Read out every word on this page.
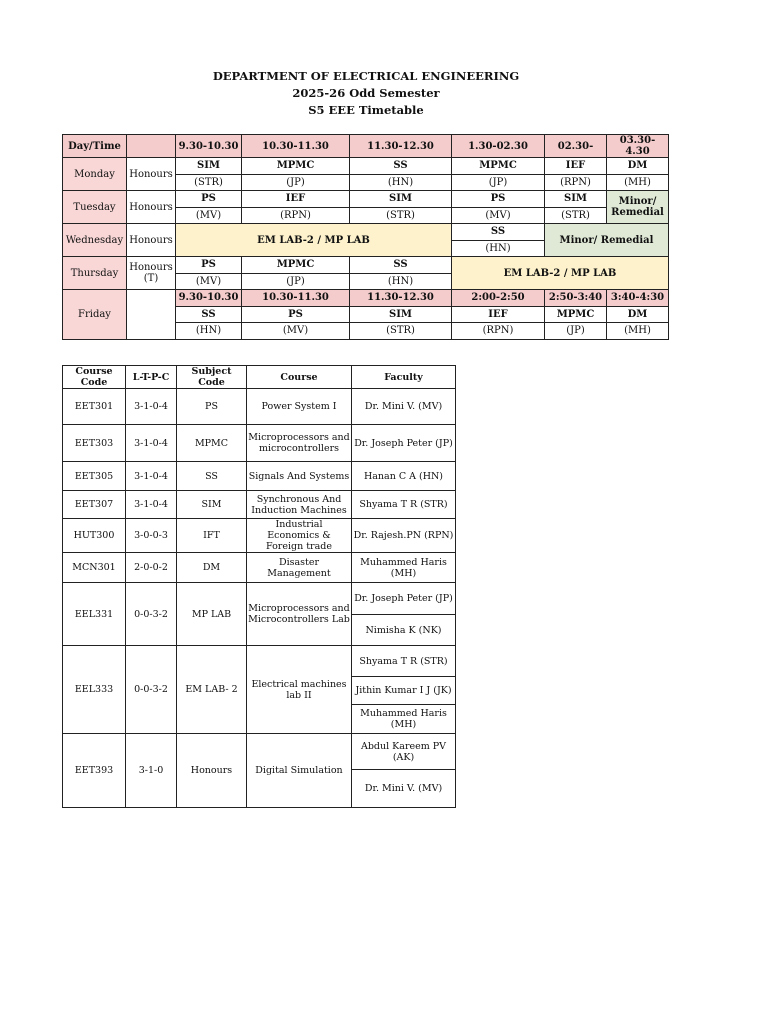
DEPARTMENT OF ELECTRICAL ENGINEERING
2025-26 Odd Semester
S5 EEE Timetable
Day/Time		9.30-10.30	10.30-11.30	11.30-12.30	1.30-02.30	02.30-	03.30-4.30
Monday	Honours	SIM	MPMC	SS	MPMC	IEF	DM
		(STR)	(JP)	(HN)	(JP)	(RPN)	(MH)
Tuesday	Honours	PS	IEF	SIM	PS	SIM	Minor/ Remedial
		(MV)	(RPN)	(STR)	(MV)	(STR)	
Wednesday	Honours	EM LAB-2 / MP LAB			SS	Minor/ Remedial	
					(HN)		
Thursday	Honours (T)	PS	MPMC	SS	EM LAB-2 / MP LAB		
		(MV)	(JP)	(HN)			
Friday		9.30-10.30	10.30-11.30	11.30-12.30	2:00-2:50	2:50-3:40	3:40-4:30
		SS	PS	SIM	IEF	MPMC	DM
		(HN)	(MV)	(STR)	(RPN)	(JP)	(MH)
Course Code	L-T-P-C	Subject Code	Course	Faculty
EET301	3-1-0-4	PS	Power System I	Dr. Mini V. (MV)
EET303	3-1-0-4	MPMC	Microprocessors and microcontrollers	Dr. Joseph Peter (JP)
EET305	3-1-0-4	SS	Signals And Systems	Hanan C A (HN)
EET307	3-1-0-4	SIM	Synchronous And Induction Machines	Shyama T R (STR)
HUT300	3-0-0-3	IFT	Industrial Economics & Foreign trade	Dr. Rajesh.PN (RPN)
MCN301	2-0-0-2	DM	Disaster Management	Muhammed Haris (MH)
EEL331	0-0-3-2	MP LAB	Microprocessors and Microcontrollers Lab	Dr. Joseph Peter (JP)
				Nimisha K (NK)
EEL333	0-0-3-2	EM LAB- 2	Electrical machines lab II	Shyama T R (STR)
				Jithin Kumar I J (JK)
				Muhammed Haris (MH)
EET393	3-1-0	Honours	Digital Simulation	Abdul Kareem PV (AK)
				Dr. Mini V. (MV)
